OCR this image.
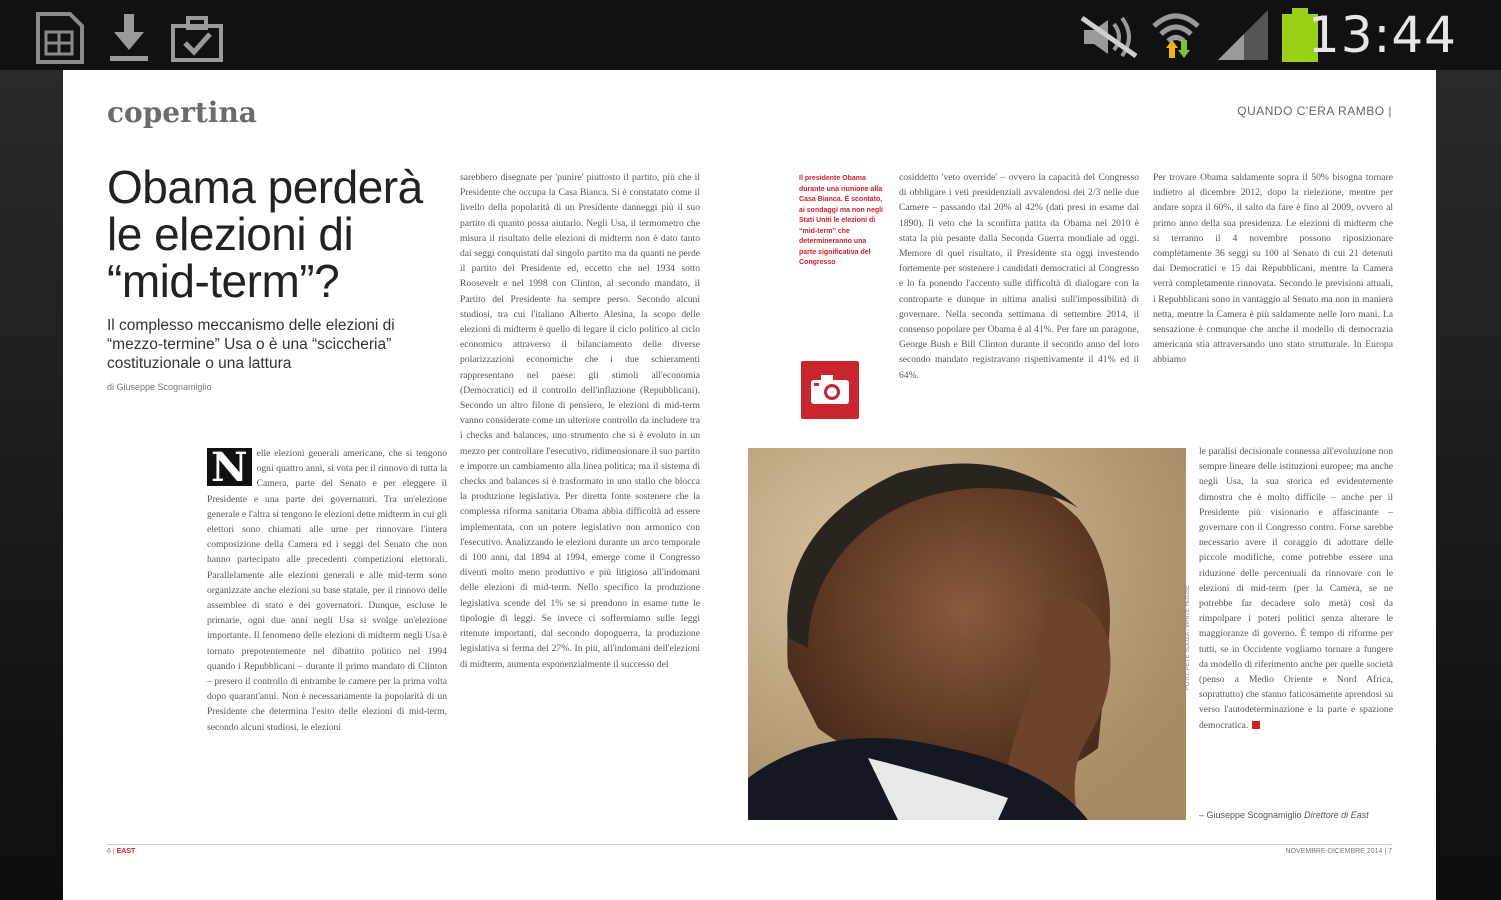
13:44
copertina	QUANDO C'ERA RAMBO |
Obama perderà le elezioni di “mid-term”?
Il complesso meccanismo delle elezioni di “mezzo-termine” Usa o è una “sciccheria” costituzionale o una lattura
di Giuseppe Scognamiglio
N elle elezioni generali americane, che si tengono ogni quattro anni, si vota per il rinnovo di tutta la Camera, parte del Senato e per eleggere il Presidente e una parte dei governatori. Tra un'elezione generale e l'altra si tengono le elezioni dette midterm in cui gli elettori sono chiamati alle urne per rinnovare l'intera composizione della Camera ed i seggi del Senato che non hanno partecipato alle precedenti competizioni elettorali. Parallelamente alle elezioni generali e alle mid-term sono organizzate anche elezioni su base statale, per il rinnovo delle assemblee di stato e dei governatori. Dunque, escluse le primarie, ogni due anni negli Usa si svolge un'elezione importante. Il fenomeno delle elezioni di midterm negli Usa è tornato prepotentemente nel dibattito politico nel 1994 quando i Repubblicani – durante il primo mandato di Clinton – presero il controllo di entrambe le camere per la prima volta dopo quarant'anni. Non è necessariamente la popolarità di un Presidente che determina l'esito delle elezioni di mid-term, secondo alcuni studiosi, le elezioni
sarebbero disegnate per 'punire' piuttosto il partito, più che il Presidente che occupa la Casa Bianca. Si è constatato come il livello della popolarità di un Presidente danneggi più il suo partito di quanto possa aiutarlo. Negli Usa, il termometro che misura il risultato delle elezioni di midterm non è dato tanto dai seggi conquistati dal singolo partito ma da quanti ne perde il partito del Presidente ed, eccetto che nel 1934 sotto Roosevelt e nel 1998 con Clinton, al secondo mandato, il Partito del Presidente ha sempre perso. Secondo alcuni studiosi, tra cui l'italiano Alberto Alesina, la scopo delle elezioni di midterm è quello di legare il ciclo politico al ciclo economico attraverso il bilanciamento delle diverse polarizzazioni economiche che i due schieramenti rappresentano nel paese: gli stimoli all'economia (Democratici) ed il controllo dell'inflazione (Repubblicani). Secondo un altro filone di pensiero, le elezioni di mid-term vanno considerate come un ulteriore controllo da includere tra i checks and balances, uno strumento che si è evoluto in un mezzo per controllare l'esecutivo, ridimensionare il suo partito e imporre un cambiamento alla linea politica; ma il sistema di checks and balances si è trasformato in uno stallo che blocca la produzione legislativa. Per diretta fonte sostenere che la complessa riforma sanitaria Obama abbia difficoltà ad essere implementata, con un potere legislativo non armonico con l'esecutivo. Analizzando le elezioni durante un arco temporale di 100 anni, dal 1894 al 1994, emerge come il Congresso diventi molto meno produttivo e più litigioso all'indomani delle elezioni di mid-term. Nello specifico la produzione legislativa scende del 1% se si prendono in esame tutte le tipologie di leggi. Se invece ci soffermiamo sulle leggi ritenute importanti, dal secondo dopoguerra, la produzione legislativa si ferma del 27%. In più, all'indomani dell'elezioni di midterm, aumenta esponenzialmente il successo del
Il presidente Obama durante una riunione alla Casa Bianca. È scontato, ai sondaggi ma non negli Stati Uniti le elezioni di “mid-term” che determineranno una parte significativa del Congresso
cosiddetto 'veto override' – ovvero la capacità del Congresso di obbligare i veti presidenziali avvalendosi dei 2/3 nelle due Camere – passando dal 20% al 42% (dati presi in esame dal 1890). Il veto che la sconfitta patita da Obama nel 2010 è stata la più pesante dalla Seconda Guerra mondiale ad oggi. Memore di quel risultato, il Presidente sta oggi investendo fortemente per sostenere i candidati democratici al Congresso e lo fa ponendo l'accento sulle difficoltà di dialogare con la controparte e dunque in ultima analisi sull'impossibilità di governare. Nella seconda settimana di settembre 2014, il consenso popolare per Obama è al 41%. Per fare un paragone, George Bush e Bill Clinton durante il secondo anno del loro secondo mandato registravano rispettivamente il 41% ed il 64%.
Per trovare Obama saldamente sopra il 50% bisogna tornare indietro al dicembre 2012, dopo la rielezione, mentre per andare sopra il 60%, il salto da fare è fino al 2009, ovvero al primo anno della sua presidenza. Le elezioni di midterm che si terranno il 4 novembre possono riposizionare completamente 36 seggi su 100 al Senato di cui 21 detenuti dai Democratici e 15 dai Repubblicani, mentre la Camera verrà completamente rinnovata. Secondo le previsioni attuali, i Repubblicani sono in vantaggio al Senato ma non in maniera netta, mentre la Camera è più saldamente nelle loro mani. La sensazione è comunque che anche il modello di democrazia americana stia attraversando uno stato strutturale. In Europa abbiamo
FOTO: PETE SOUZA / WHITE HOUSE
le paralisi decisionale connessa all'evoluzione non sempre lineare delle istituzioni europee; ma anche negli Usa, la sua storica ed evidentemente dimostra che è molto difficile – anche per il Presidente più visionario e affascinante – governare con il Congresso contro. Forse sarebbe necessario avere il coraggio di adottare delle piccole modifiche, come potrebbe essere una riduzione delle percentuali da rinnovare con le elezioni di mid-term (per la Camera, se ne potrebbe far decadere solo metà) così da rimpolpare i poteri politici senza alterare le maggioranze di governo. È tempo di riforme per tutti, se in Occidente vogliamo tornare a fungere da modello di riferimento anche per quelle società (penso a Medio Oriente e Nord Africa, soprattutto) che stanno faticosamente aprendosi su verso l'autodeterminazione e la parte e spazione democratica.
– Giuseppe Scognamiglio Direttore di East
6 | EAST	NOVEMBRE-DICEMBRE 2014 | 7
